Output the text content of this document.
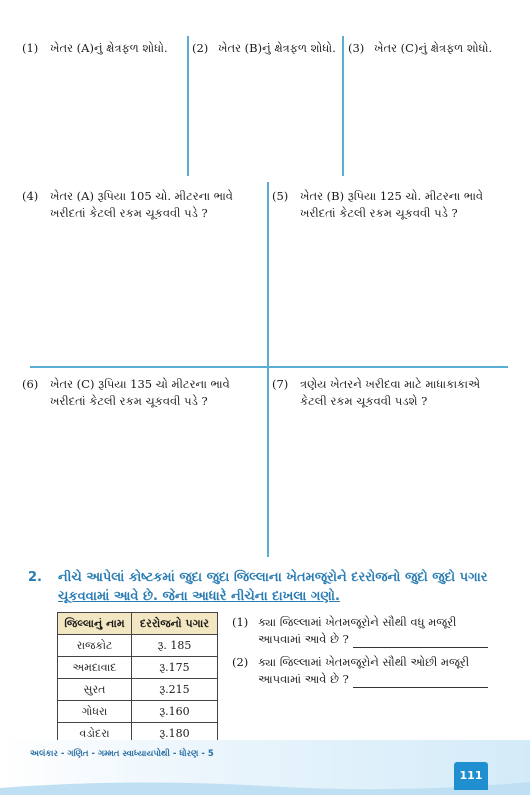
(1) ખેતર (A)નું ક્ષેત્રફળ શોધો. (2) ખેતર (B)નું ક્ષેત્રફળ શોધો. (3) ખેતર (C)નું ક્ષેત્રફળ શોધો.
(4) ખેતર (A) રૂપિયા 105 ચો. મીટરના ભાવે
ખરીદતાં કેટલી રકમ ચૂકવવી પડે ?
(5) ખેતર (B) રૂપિયા 125 ચો. મીટરના ભાવે
ખરીદતાં કેટલી રકમ ચૂકવવી પડે ?
(6) ખેતર (C) રૂપિયા 135 ચો મીટરના ભાવે
ખરીદતાં કેટલી રકમ ચૂકવવી પડે ?
(7) ત્રણેય ખેતરને ખરીદવા માટે માધાકાકાએ
કેટલી રકમ ચૂકવવી પડશે ?
2. નીચે આપેલાં કોષ્ટકમાં જુદા જુદા જિલ્લાના ખેતમજૂરોને દરરોજનો જુદો જુદો પગાર
ચૂકવવામાં આવે છે. જેના આધારે નીચેના દાખલા ગણો.
જિલ્લાનું નામ	દરરોજનો પગાર
રાજકોટ	રૂ. 185
અમદાવાદ	રૂ.175
સુરત	રૂ.215
ગોધરા	રૂ.160
વડોદરા	રૂ.180
(1) ક્યા જિલ્લામાં ખેતમજૂરોને સૌથી વધુ મજૂરી
આપવામાં આવે છે ?
(2) ક્યા જિલ્લામાં ખેતમજૂરોને સૌથી ઓછી મજૂરી
આપવામાં આવે છે ?
અલંકાર - ગણિત - ગમ્મત સ્વાધ્યાયપોથી - ધોરણ - 5
111
